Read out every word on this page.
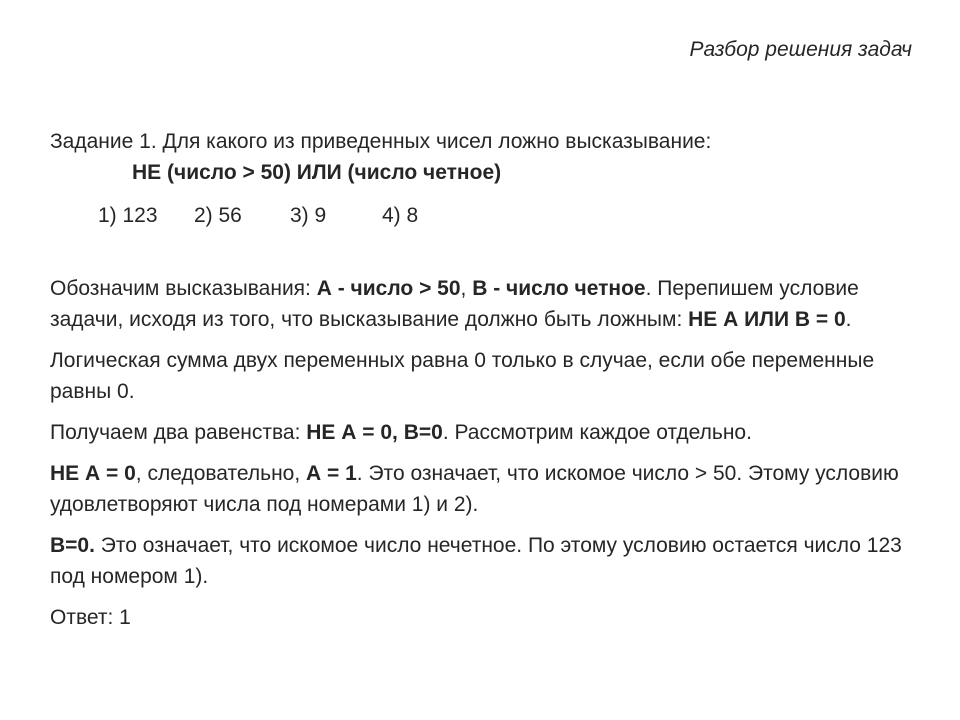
Разбор решения задач

Задание 1. Для какого из приведенных чисел ложно высказывание:

НЕ (число > 50) ИЛИ (число четное)

1) 123	2) 56	3) 9	4) 8

Обозначим высказывания: А - число > 50, В - число четное. Перепишем условие задачи, исходя из того, что высказывание должно быть ложным: НЕ А ИЛИ В = 0.

Логическая сумма двух переменных равна 0 только в случае, если обе переменные равны 0.

Получаем два равенства: НЕ А = 0, В=0. Рассмотрим каждое отдельно.

НЕ А = 0, следовательно, А = 1. Это означает, что искомое число > 50. Этому условию удовлетворяют числа под номерами 1) и 2).

В=0. Это означает, что искомое число нечетное. По этому условию остается число 123 под номером 1).

Ответ: 1
